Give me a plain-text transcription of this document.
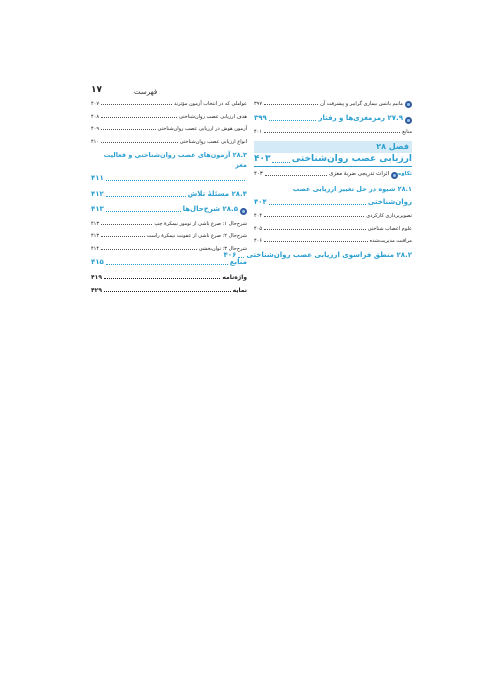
۱۷	فهرست
ماتیم بانتس بیماری گرایبر و پیشرفت آن
۳۹۷
۲۷.۹ رمزمغزی‌ها و رفتار
۳۹۹
منابع
۴۰۱
فصل ۲۸
ارزیابی عصب روان‌شناختی
۴۰۳
تکاوه
اثرات تدریجی ضربهٔ مغزی
۴۰۳
۲۸.۱ شیوه در حل تغییر ارزیابی عصب
روان‌شناختی
۴۰۴
تصویربرداری کارکردی
۴۰۴
علوم اعصاب شناختی
۴۰۵
مراقبت مدیریت‌شده
۴۰۶
۲۸.۲ منطق فراسوی ارزیابی عصب روان‌شناختی
۴۰۶
عواملی که در انتخاب آزمون مؤثرند
۴۰۷
هدف ارزیابی عصب روان‌شناختی
۴۰۸
آزمون هوش در ارزیابی عصب روان‌شناختی
۴۰۹
انواع ارزیابی عصب روان‌شناختی
۴۱۰
۲۸.۳ آزمون‌های عصب روان‌شناختی و فعالیت مغز
۴۱۱
۲۸.۴ مسئلهٔ تلاش
۴۱۲
۲۸.۵ شرح‌حال‌ها
۴۱۳
شرح‌حال ۱: صرع ناشی از تومور نیمکرهٔ چپ
۴۱۳
شرح‌حال ۲: صرع ناشی از عفونت نیمکرهٔ راست
۴۱۳
شرح‌حال ۳: توان‌بخشی
۴۱۴
منابع
۴۱۵
واژه‌نامه
۴۱۹
نمایه
۴۲۹
